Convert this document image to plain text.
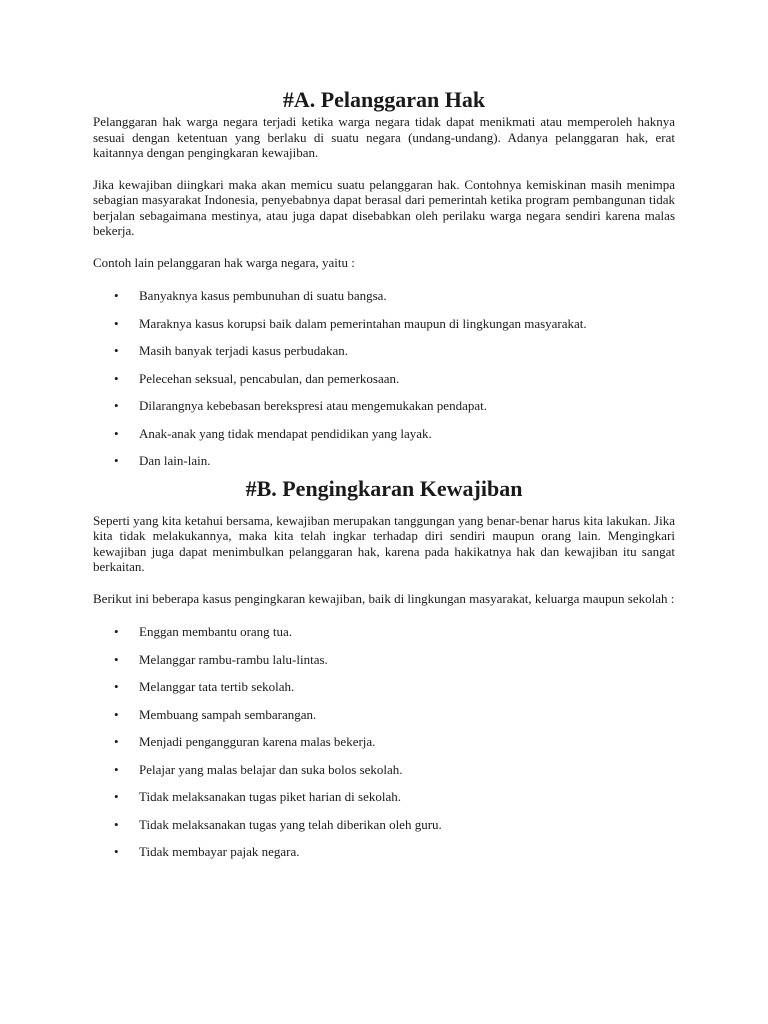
#A. Pelanggaran Hak

Pelanggaran hak warga negara terjadi ketika warga negara tidak dapat menikmati atau memperoleh haknya sesuai dengan ketentuan yang berlaku di suatu negara (undang-undang). Adanya pelanggaran hak, erat kaitannya dengan pengingkaran kewajiban.

Jika kewajiban diingkari maka akan memicu suatu pelanggaran hak. Contohnya kemiskinan masih menimpa sebagian masyarakat Indonesia, penyebabnya dapat berasal dari pemerintah ketika program pembangunan tidak berjalan sebagaimana mestinya, atau juga dapat disebabkan oleh perilaku warga negara sendiri karena malas bekerja.

Contoh lain pelanggaran hak warga negara, yaitu :

• Banyaknya kasus pembunuhan di suatu bangsa.
• Maraknya kasus korupsi baik dalam pemerintahan maupun di lingkungan masyarakat.
• Masih banyak terjadi kasus perbudakan.
• Pelecehan seksual, pencabulan, dan pemerkosaan.
• Dilarangnya kebebasan berekspresi atau mengemukakan pendapat.
• Anak-anak yang tidak mendapat pendidikan yang layak.
• Dan lain-lain.
#B. Pengingkaran Kewajiban

Seperti yang kita ketahui bersama, kewajiban merupakan tanggungan yang benar-benar harus kita lakukan. Jika kita tidak melakukannya, maka kita telah ingkar terhadap diri sendiri maupun orang lain. Mengingkari kewajiban juga dapat menimbulkan pelanggaran hak, karena pada hakikatnya hak dan kewajiban itu sangat berkaitan.

Berikut ini beberapa kasus pengingkaran kewajiban, baik di lingkungan masyarakat, keluarga maupun sekolah :

• Enggan membantu orang tua.
• Melanggar rambu-rambu lalu-lintas.
• Melanggar tata tertib sekolah.
• Membuang sampah sembarangan.
• Menjadi pengangguran karena malas bekerja.
• Pelajar yang malas belajar dan suka bolos sekolah.
• Tidak melaksanakan tugas piket harian di sekolah.
• Tidak melaksanakan tugas yang telah diberikan oleh guru.
• Tidak membayar pajak negara.
